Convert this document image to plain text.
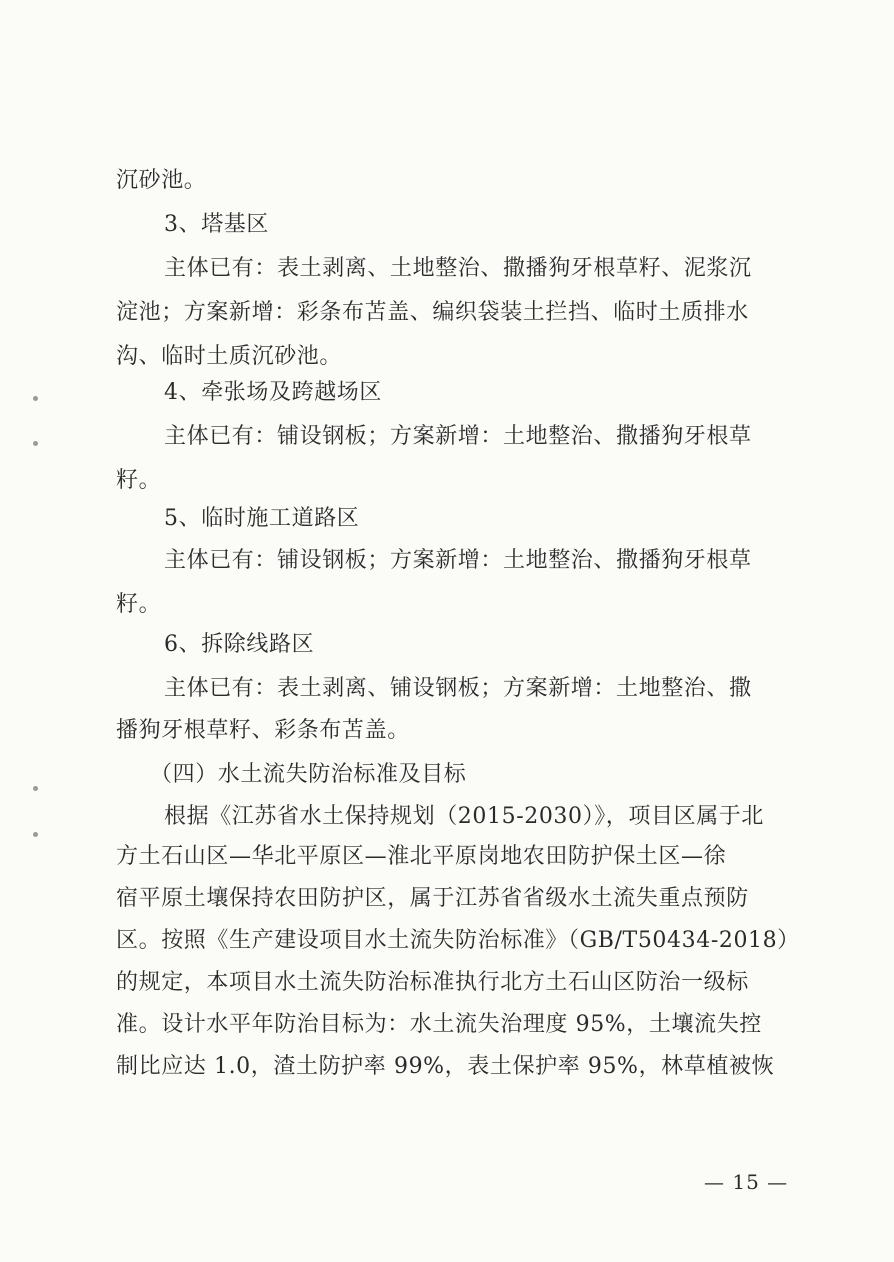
沉砂池。
3、塔基区
主体已有：表土剥离、土地整治、撒播狗牙根草籽、泥浆沉
淀池；方案新增：彩条布苫盖、编织袋装土拦挡、临时土质排水
沟、临时土质沉砂池。
4、牵张场及跨越场区
主体已有：铺设钢板；方案新增：土地整治、撒播狗牙根草
籽。
5、临时施工道路区
主体已有：铺设钢板；方案新增：土地整治、撒播狗牙根草
籽。
6、拆除线路区
主体已有：表土剥离、铺设钢板；方案新增：土地整治、撒
播狗牙根草籽、彩条布苫盖。
（四）水土流失防治标准及目标
根据《江苏省水土保持规划（2015-2030）》，项目区属于北
方土石山区—华北平原区—淮北平原岗地农田防护保土区—徐
宿平原土壤保持农田防护区，属于江苏省省级水土流失重点预防
区。按照《生产建设项目水土流失防治标准》（GB/T50434-2018）
的规定，本项目水土流失防治标准执行北方土石山区防治一级标
准。设计水平年防治目标为：水土流失治理度 95%，土壤流失控
制比应达 1.0，渣土防护率 99%，表土保护率 95%，林草植被恢
— 15 —
